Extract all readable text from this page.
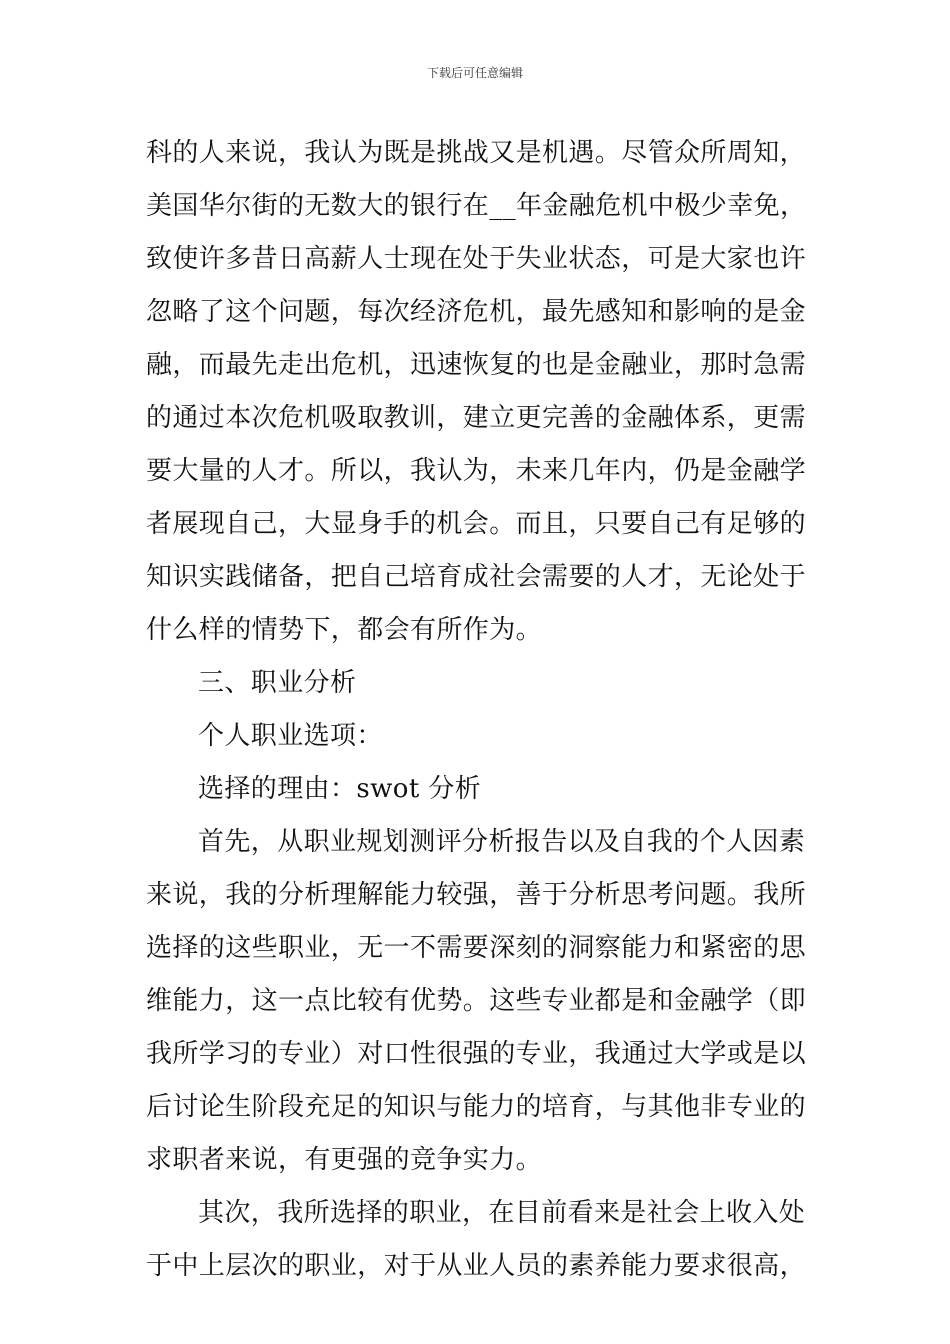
下载后可任意编辑
科的人来说，我认为既是挑战又是机遇。尽管众所周知，
美国华尔街的无数大的银行在__年金融危机中极少幸免，
致使许多昔日高薪人士现在处于失业状态，可是大家也许
忽略了这个问题，每次经济危机，最先感知和影响的是金
融，而最先走出危机，迅速恢复的也是金融业，那时急需
的通过本次危机吸取教训，建立更完善的金融体系，更需
要大量的人才。所以，我认为，未来几年内，仍是金融学
者展现自己，大显身手的机会。而且，只要自己有足够的
知识实践储备，把自己培育成社会需要的人才，无论处于
什么样的情势下，都会有所作为。
三、职业分析
个人职业选项：
选择的理由：swot 分析
首先，从职业规划测评分析报告以及自我的个人因素
来说，我的分析理解能力较强，善于分析思考问题。我所
选择的这些职业，无一不需要深刻的洞察能力和紧密的思
维能力，这一点比较有优势。这些专业都是和金融学（即
我所学习的专业）对口性很强的专业，我通过大学或是以
后讨论生阶段充足的知识与能力的培育，与其他非专业的
求职者来说，有更强的竞争实力。
其次，我所选择的职业，在目前看来是社会上收入处
于中上层次的职业，对于从业人员的素养能力要求很高，
